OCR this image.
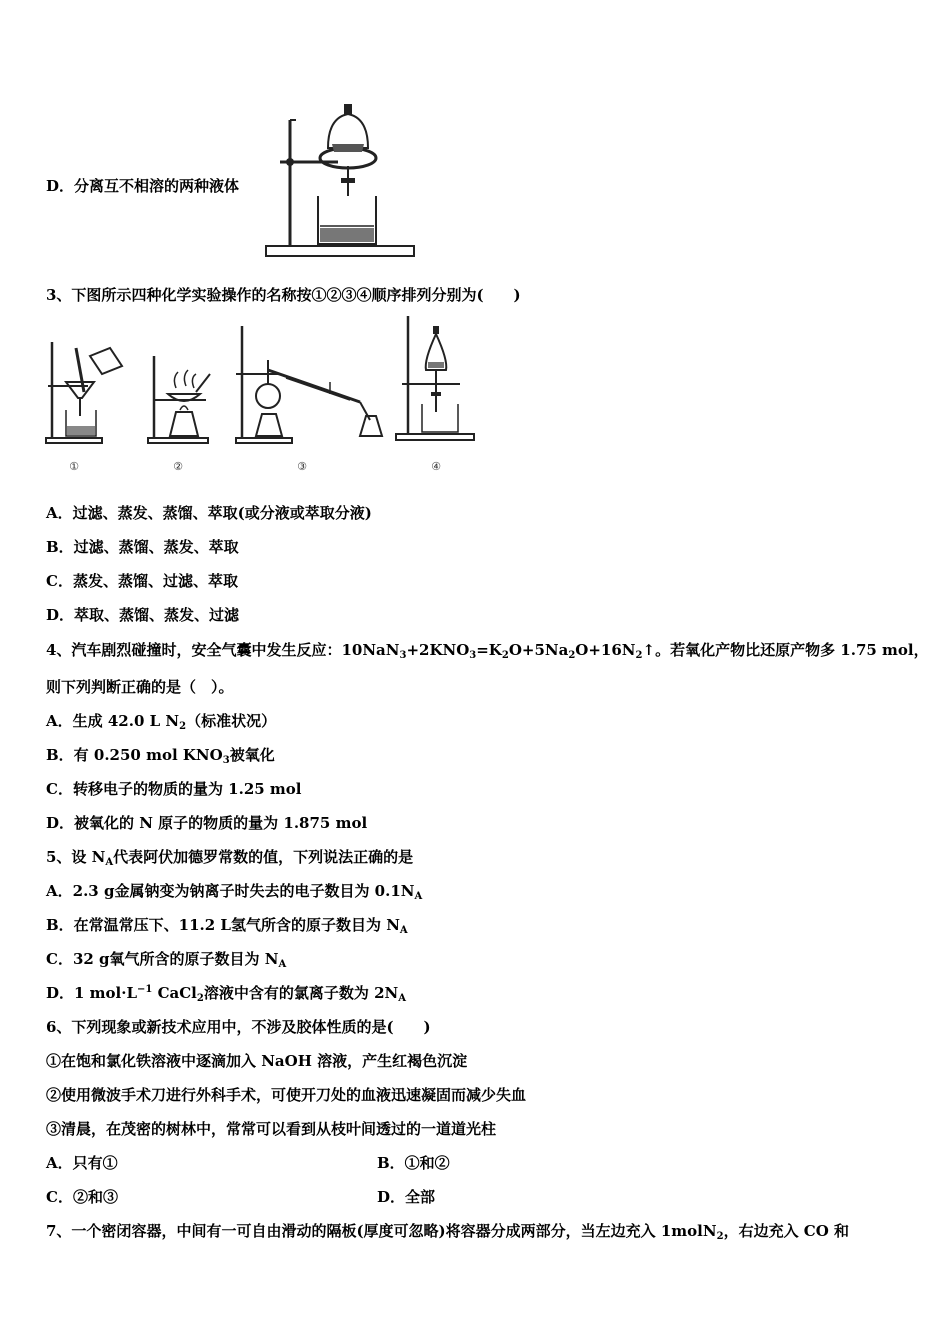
D．分离互不相溶的两种液体
3、下图所示四种化学实验操作的名称按①②③④顺序排列分别为(　　)
①	②	③	④
A．过滤、蒸发、蒸馏、萃取(或分液或萃取分液)
B．过滤、蒸馏、蒸发、萃取
C．蒸发、蒸馏、过滤、萃取
D．萃取、蒸馏、蒸发、过滤
4、汽车剧烈碰撞时，安全气囊中发生反应：$10NaN_3+2KNO_3=K_2O+5Na_2O+16N_2↑$。若氧化产物比还原产物多 1.75 mol，
则下列判断正确的是（　）。
A．生成 42.0 L $N_2$（标准状况）
B．有 0.250 mol $KNO_3$被氧化
C．转移电子的物质的量为 1.25 mol
D．被氧化的 N 原子的物质的量为 1.875 mol
5、设 $N_A$代表阿伏加德罗常数的值，下列说法正确的是
A．2.3 g金属钠变为钠离子时失去的电子数目为 $0.1N_A$
B．在常温常压下、11.2 L氢气所含的原子数目为 $N_A$
C．32 g氧气所含的原子数目为 $N_A$
D．1 $mol\cdot L^{-1}$ CaCl$_2$溶液中含有的氯离子数为 $2N_A$
6、下列现象或新技术应用中，不涉及胶体性质的是(　　)
①在饱和氯化铁溶液中逐滴加入 NaOH 溶液，产生红褐色沉淀
②使用微波手术刀进行外科手术，可使开刀处的血液迅速凝固而减少失血
③清晨，在茂密的树林中，常常可以看到从枝叶间透过的一道道光柱
A．只有①	B．①和②
C．②和③	D．全部
7、一个密闭容器，中间有一可自由滑动的隔板(厚度可忽略)将容器分成两部分，当左边充入 1molN$_2$，右边充入 CO 和
